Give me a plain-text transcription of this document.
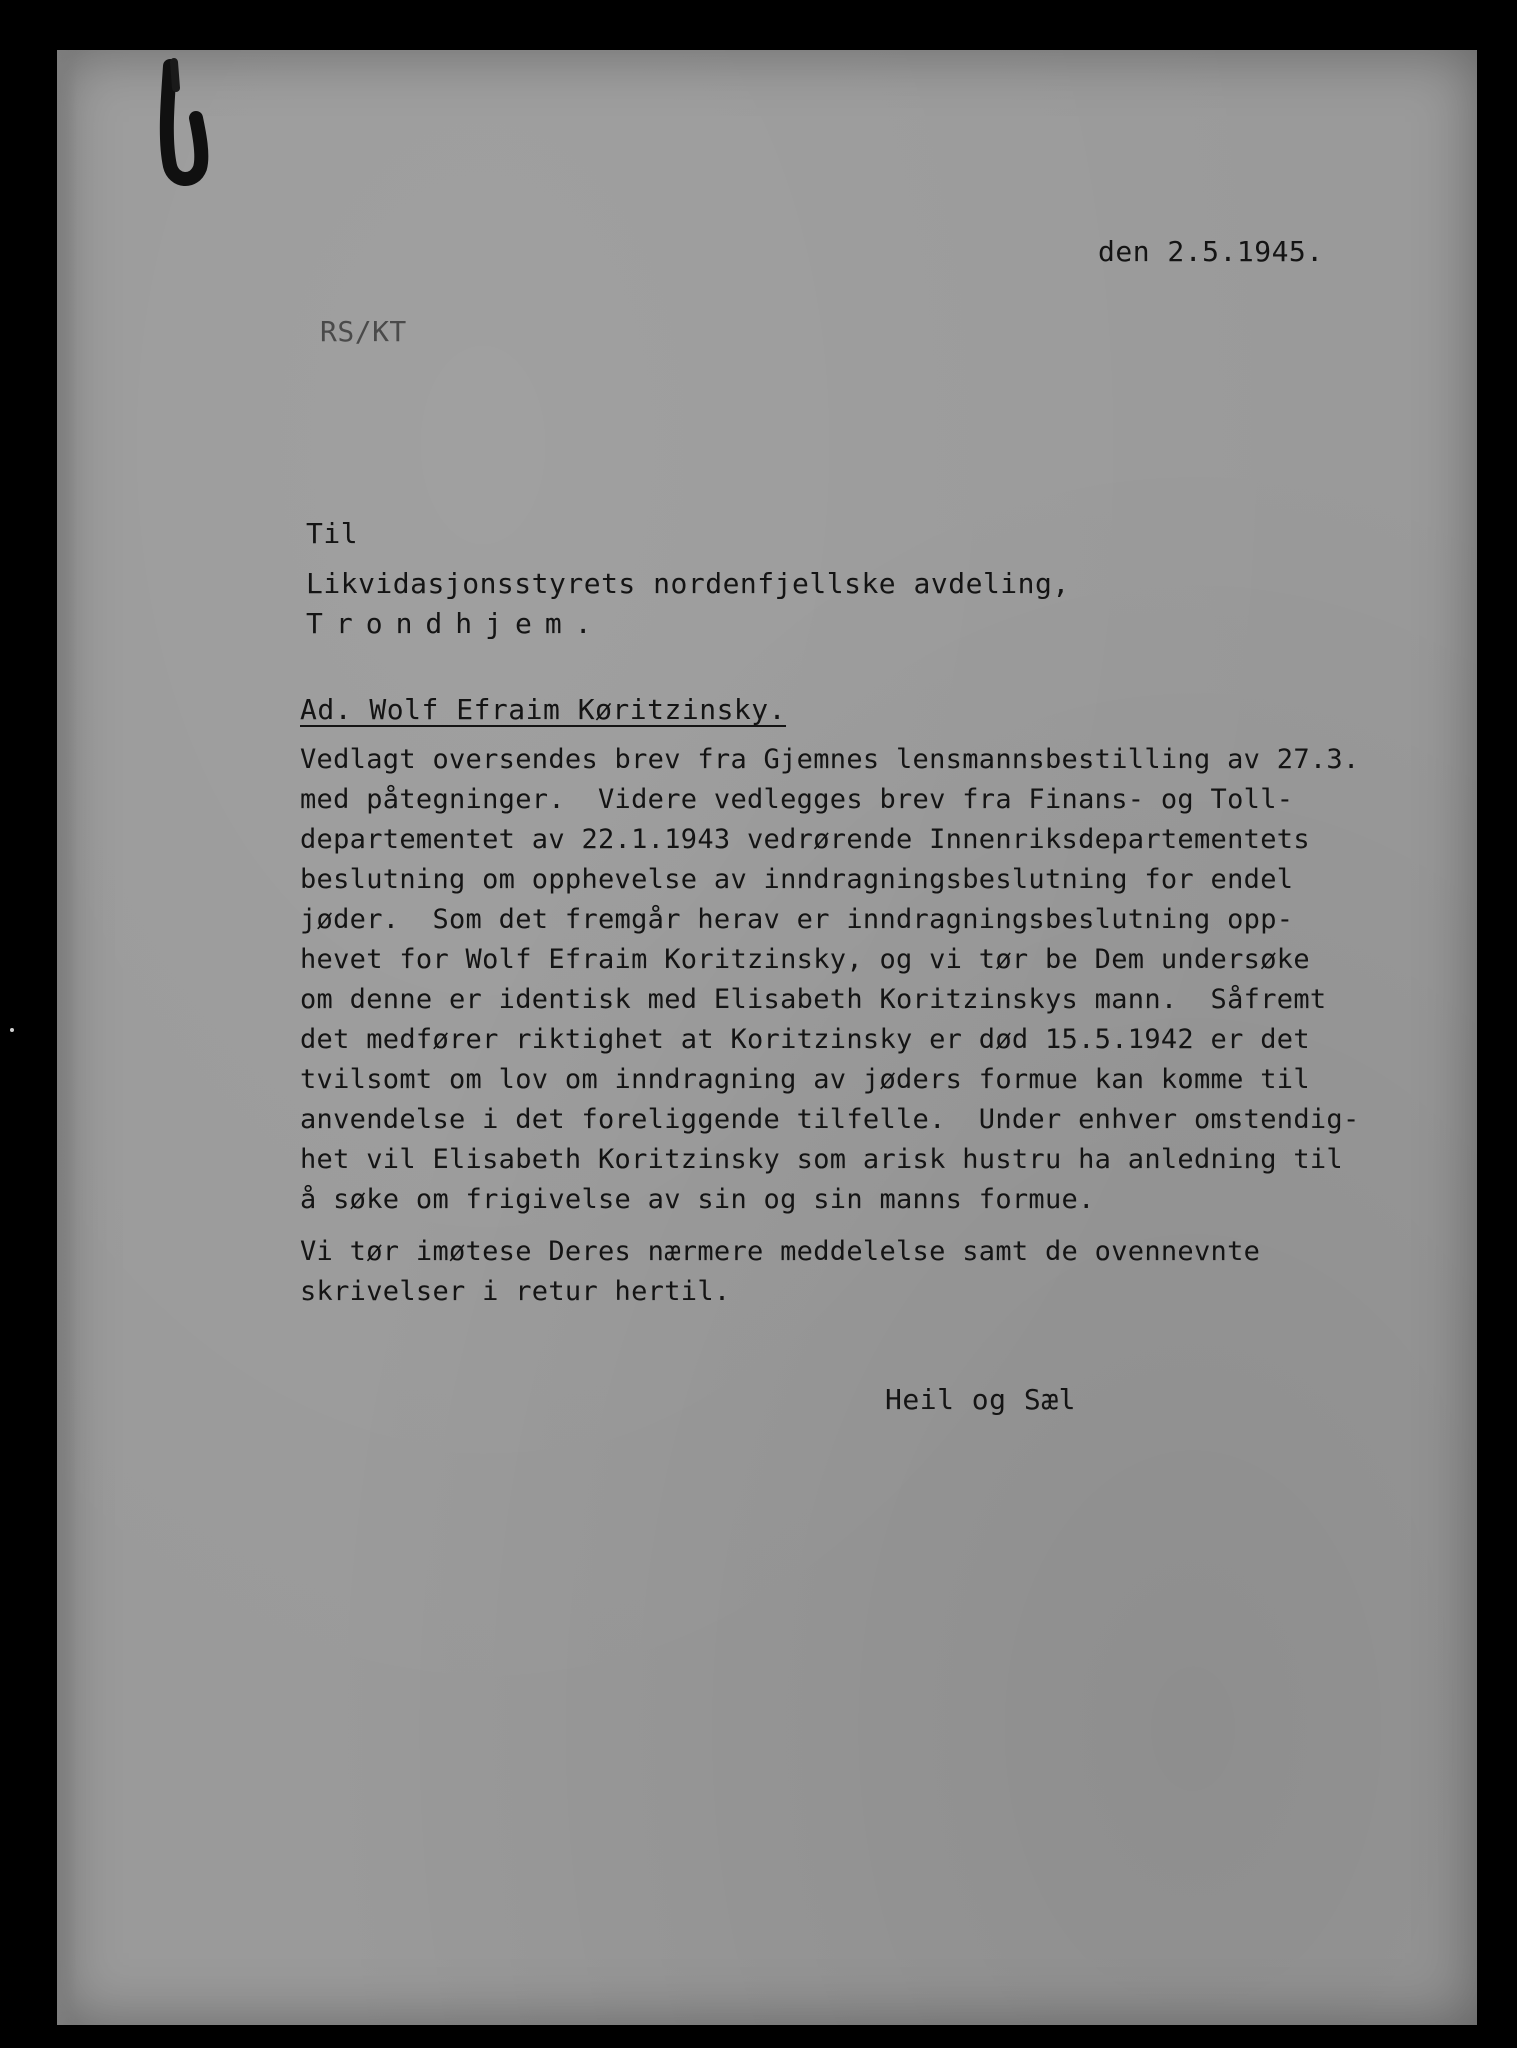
den 2.5.1945.
RS/KT
Til
Likvidasjonsstyrets nordenfjellske avdeling,
Trondhjem.
Ad. Wolf Efraim Køritzinsky.
Vedlagt oversendes brev fra Gjemnes lensmannsbestilling av 27.3.
med påtegninger.  Videre vedlegges brev fra Finans- og Toll-
departementet av 22.1.1943 vedrørende Innenriksdepartementets
beslutning om opphevelse av inndragningsbeslutning for endel
jøder.  Som det fremgår herav er inndragningsbeslutning opp-
hevet for Wolf Efraim Koritzinsky, og vi tør be Dem undersøke
om denne er identisk med Elisabeth Koritzinskys mann.  Såfremt
det medfører riktighet at Koritzinsky er død 15.5.1942 er det
tvilsomt om lov om inndragning av jøders formue kan komme til
anvendelse i det foreliggende tilfelle.  Under enhver omstendig-
het vil Elisabeth Koritzinsky som arisk hustru ha anledning til
å søke om frigivelse av sin og sin manns formue.
Vi tør imøtese Deres nærmere meddelelse samt de ovennevnte
skrivelser i retur hertil.
Heil og Sæl
